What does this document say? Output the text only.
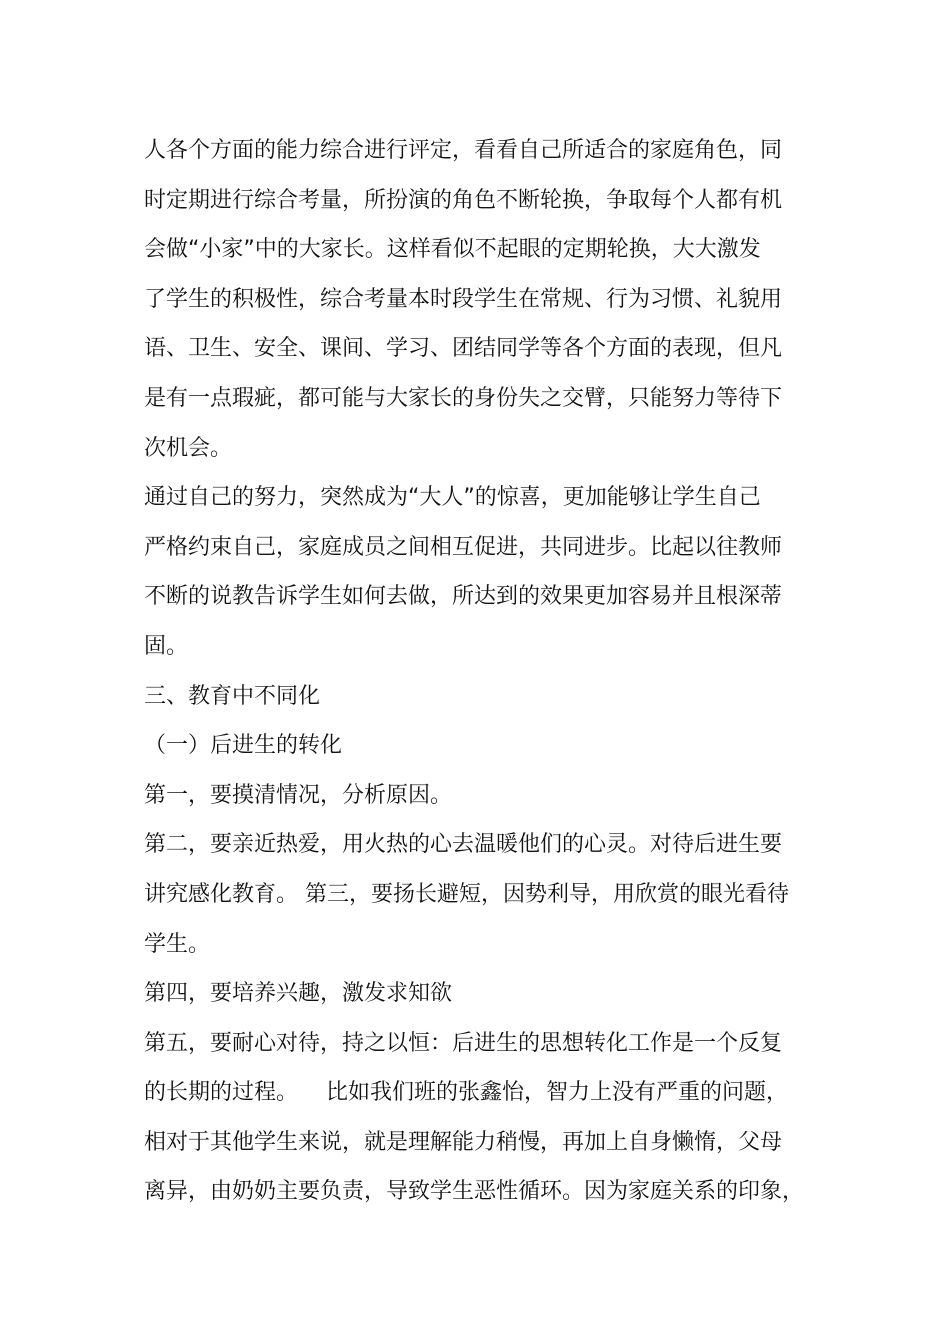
人各个方面的能力综合进行评定，看看自己所适合的家庭角色，同
时定期进行综合考量，所扮演的角色不断轮换，争取每个人都有机
会做“小家”中的大家长。这样看似不起眼的定期轮换，大大激发
了学生的积极性，综合考量本时段学生在常规、行为习惯、礼貌用
语、卫生、安全、课间、学习、团结同学等各个方面的表现，但凡
是有一点瑕疵，都可能与大家长的身份失之交臂，只能努力等待下
次机会。
通过自己的努力，突然成为“大人”的惊喜，更加能够让学生自己
严格约束自己，家庭成员之间相互促进，共同进步。比起以往教师
不断的说教告诉学生如何去做，所达到的效果更加容易并且根深蒂
固。
三、教育中不同化
（一）后进生的转化
第一，要摸清情况，分析原因。
第二，要亲近热爱，用火热的心去温暖他们的心灵。对待后进生要
讲究感化教育。 第三，要扬长避短，因势利导，用欣赏的眼光看待
学生。
第四，要培养兴趣，激发求知欲
第五，要耐心对待，持之以恒：后进生的思想转化工作是一个反复
的长期的过程。    比如我们班的张鑫怡，智力上没有严重的问题，
相对于其他学生来说，就是理解能力稍慢，再加上自身懒惰，父母
离异，由奶奶主要负责，导致学生恶性循环。因为家庭关系的印象，
